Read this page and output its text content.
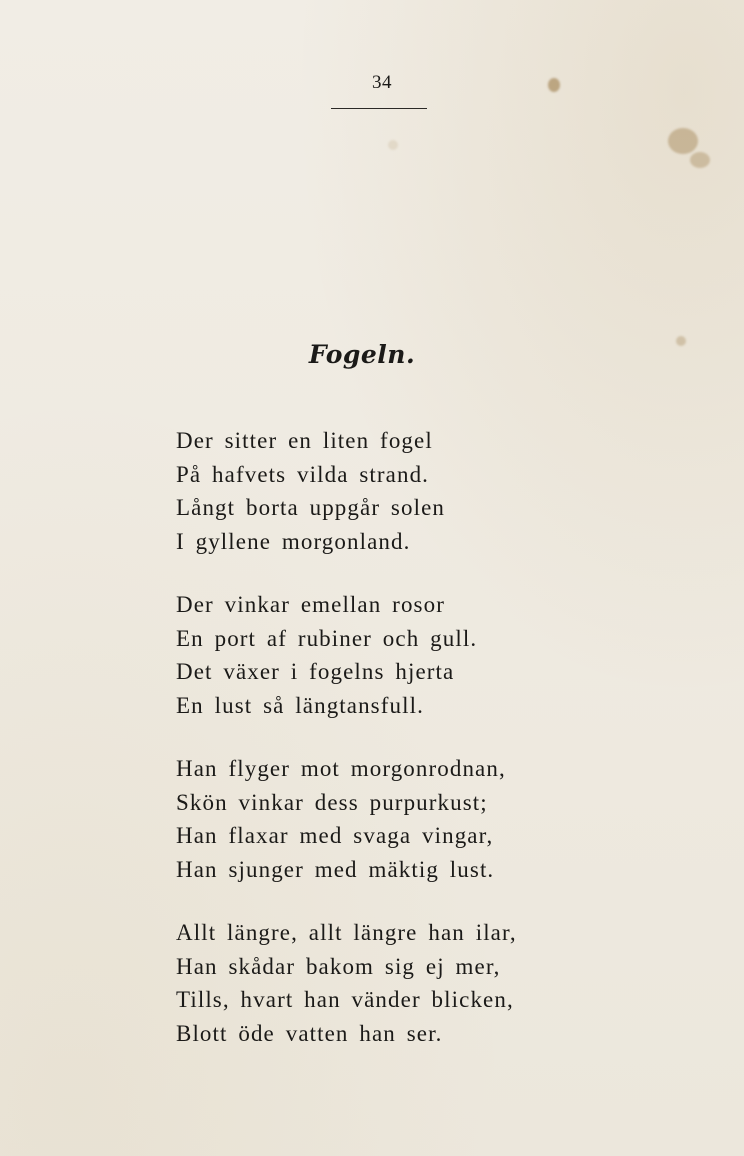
34
Fogeln.
Der sitter en liten fogel
På hafvets vilda strand.
Långt borta uppgår solen
I gyllene morgonland.
Der vinkar emellan rosor
En port af rubiner och gull.
Det växer i fogelns hjerta
En lust så längtansfull.
Han flyger mot morgonrodnan,
Skön vinkar dess purpurkust;
Han flaxar med svaga vingar,
Han sjunger med mäktig lust.
Allt längre, allt längre han ilar,
Han skådar bakom sig ej mer,
Tills, hvart han vänder blicken,
Blott öde vatten han ser.
